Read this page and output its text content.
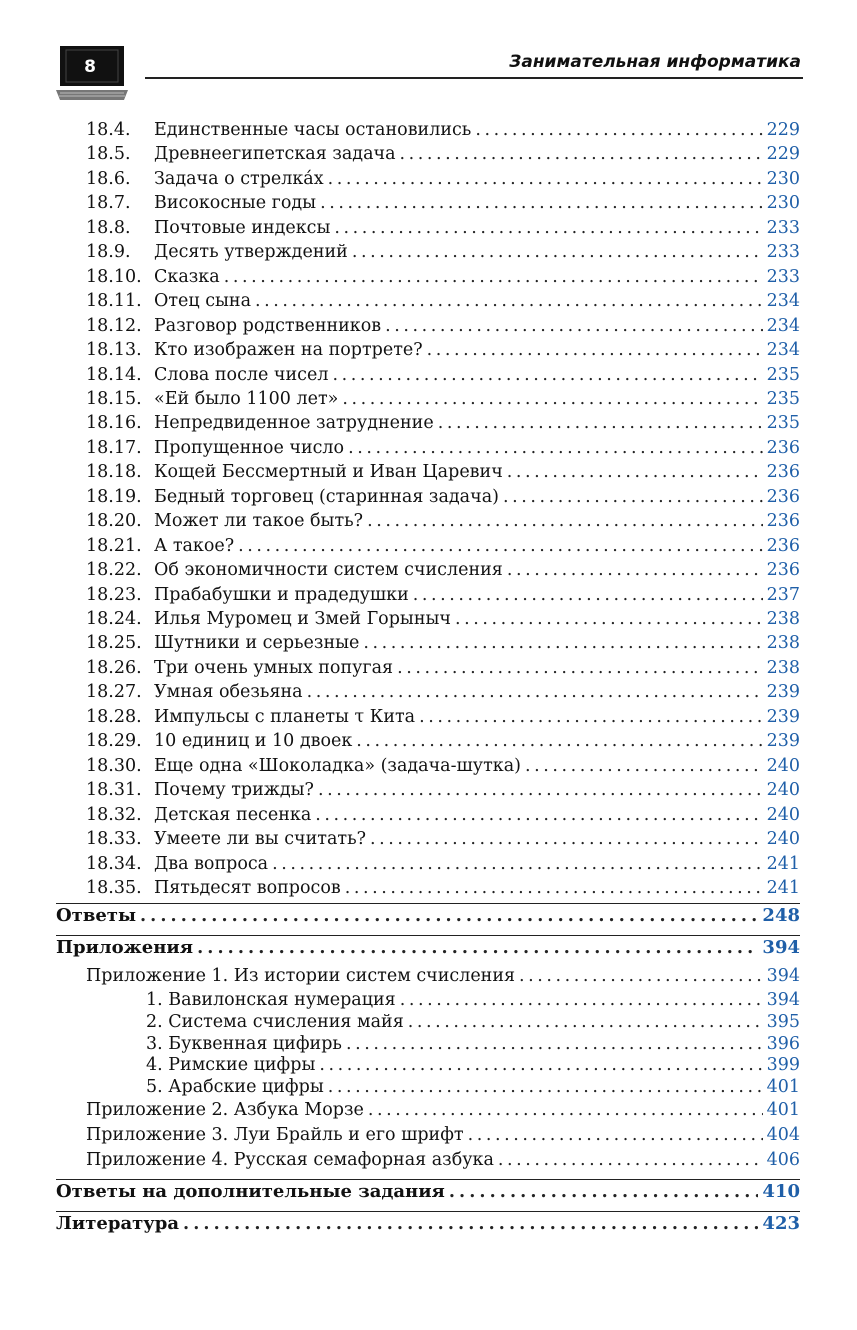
8	Занимательная информатика
18.4. Единственные часы остановились . . .	229
18.5. Древнеегипетская задача . . .	229
18.6. Задача о стрелка́х . . .	230
18.7. Високосные годы . . .	230
18.8. Почтовые индексы . . .	233
18.9. Десять утверждений . . .	233
18.10. Сказка . . .	233
18.11. Отец сына . . .	234
18.12. Разговор родственников . . .	234
18.13. Кто изображен на портрете? . . .	234
18.14. Слова после чисел . . .	235
18.15. «Ей было 1100 лет» . . .	235
18.16. Непредвиденное затруднение . . .	235
18.17. Пропущенное число . . .	236
18.18. Кощей Бессмертный и Иван Царевич . . .	236
18.19. Бедный торговец (старинная задача) . . .	236
18.20. Может ли такое быть? . . .	236
18.21. А такое? . . .	236
18.22. Об экономичности систем счисления . . .	236
18.23. Прабабушки и прадедушки . . .	237
18.24. Илья Муромец и Змей Горыныч . . .	238
18.25. Шутники и серьезные . . .	238
18.26. Три очень умных попугая . . .	238
18.27. Умная обезьяна . . .	239
18.28. Импульсы с планеты τ Кита . . .	239
18.29. 10 единиц и 10 двоек . . .	239
18.30. Еще одна «Шоколадка» (задача-шутка) . . .	240
18.31. Почему трижды? . . .	240
18.32. Детская песенка . . .	240
18.33. Умеете ли вы считать? . . .	240
18.34. Два вопроса . . .	241
18.35. Пятьдесят вопросов . . .	241
Ответы . . .	248
Приложения . . .	394
Приложение 1. Из истории систем счисления . . .	394
1. Вавилонская нумерация . . .	394
2. Система счисления майя . . .	395
3. Буквенная цифирь . . .	396
4. Римские цифры . . .	399
5. Арабские цифры . . .	401
Приложение 2. Азбука Морзе . . .	401
Приложение 3. Луи Брайль и его шрифт . . .	404
Приложение 4. Русская семафорная азбука . . .	406
Ответы на дополнительные задания . . .	410
Литература . . .	423
